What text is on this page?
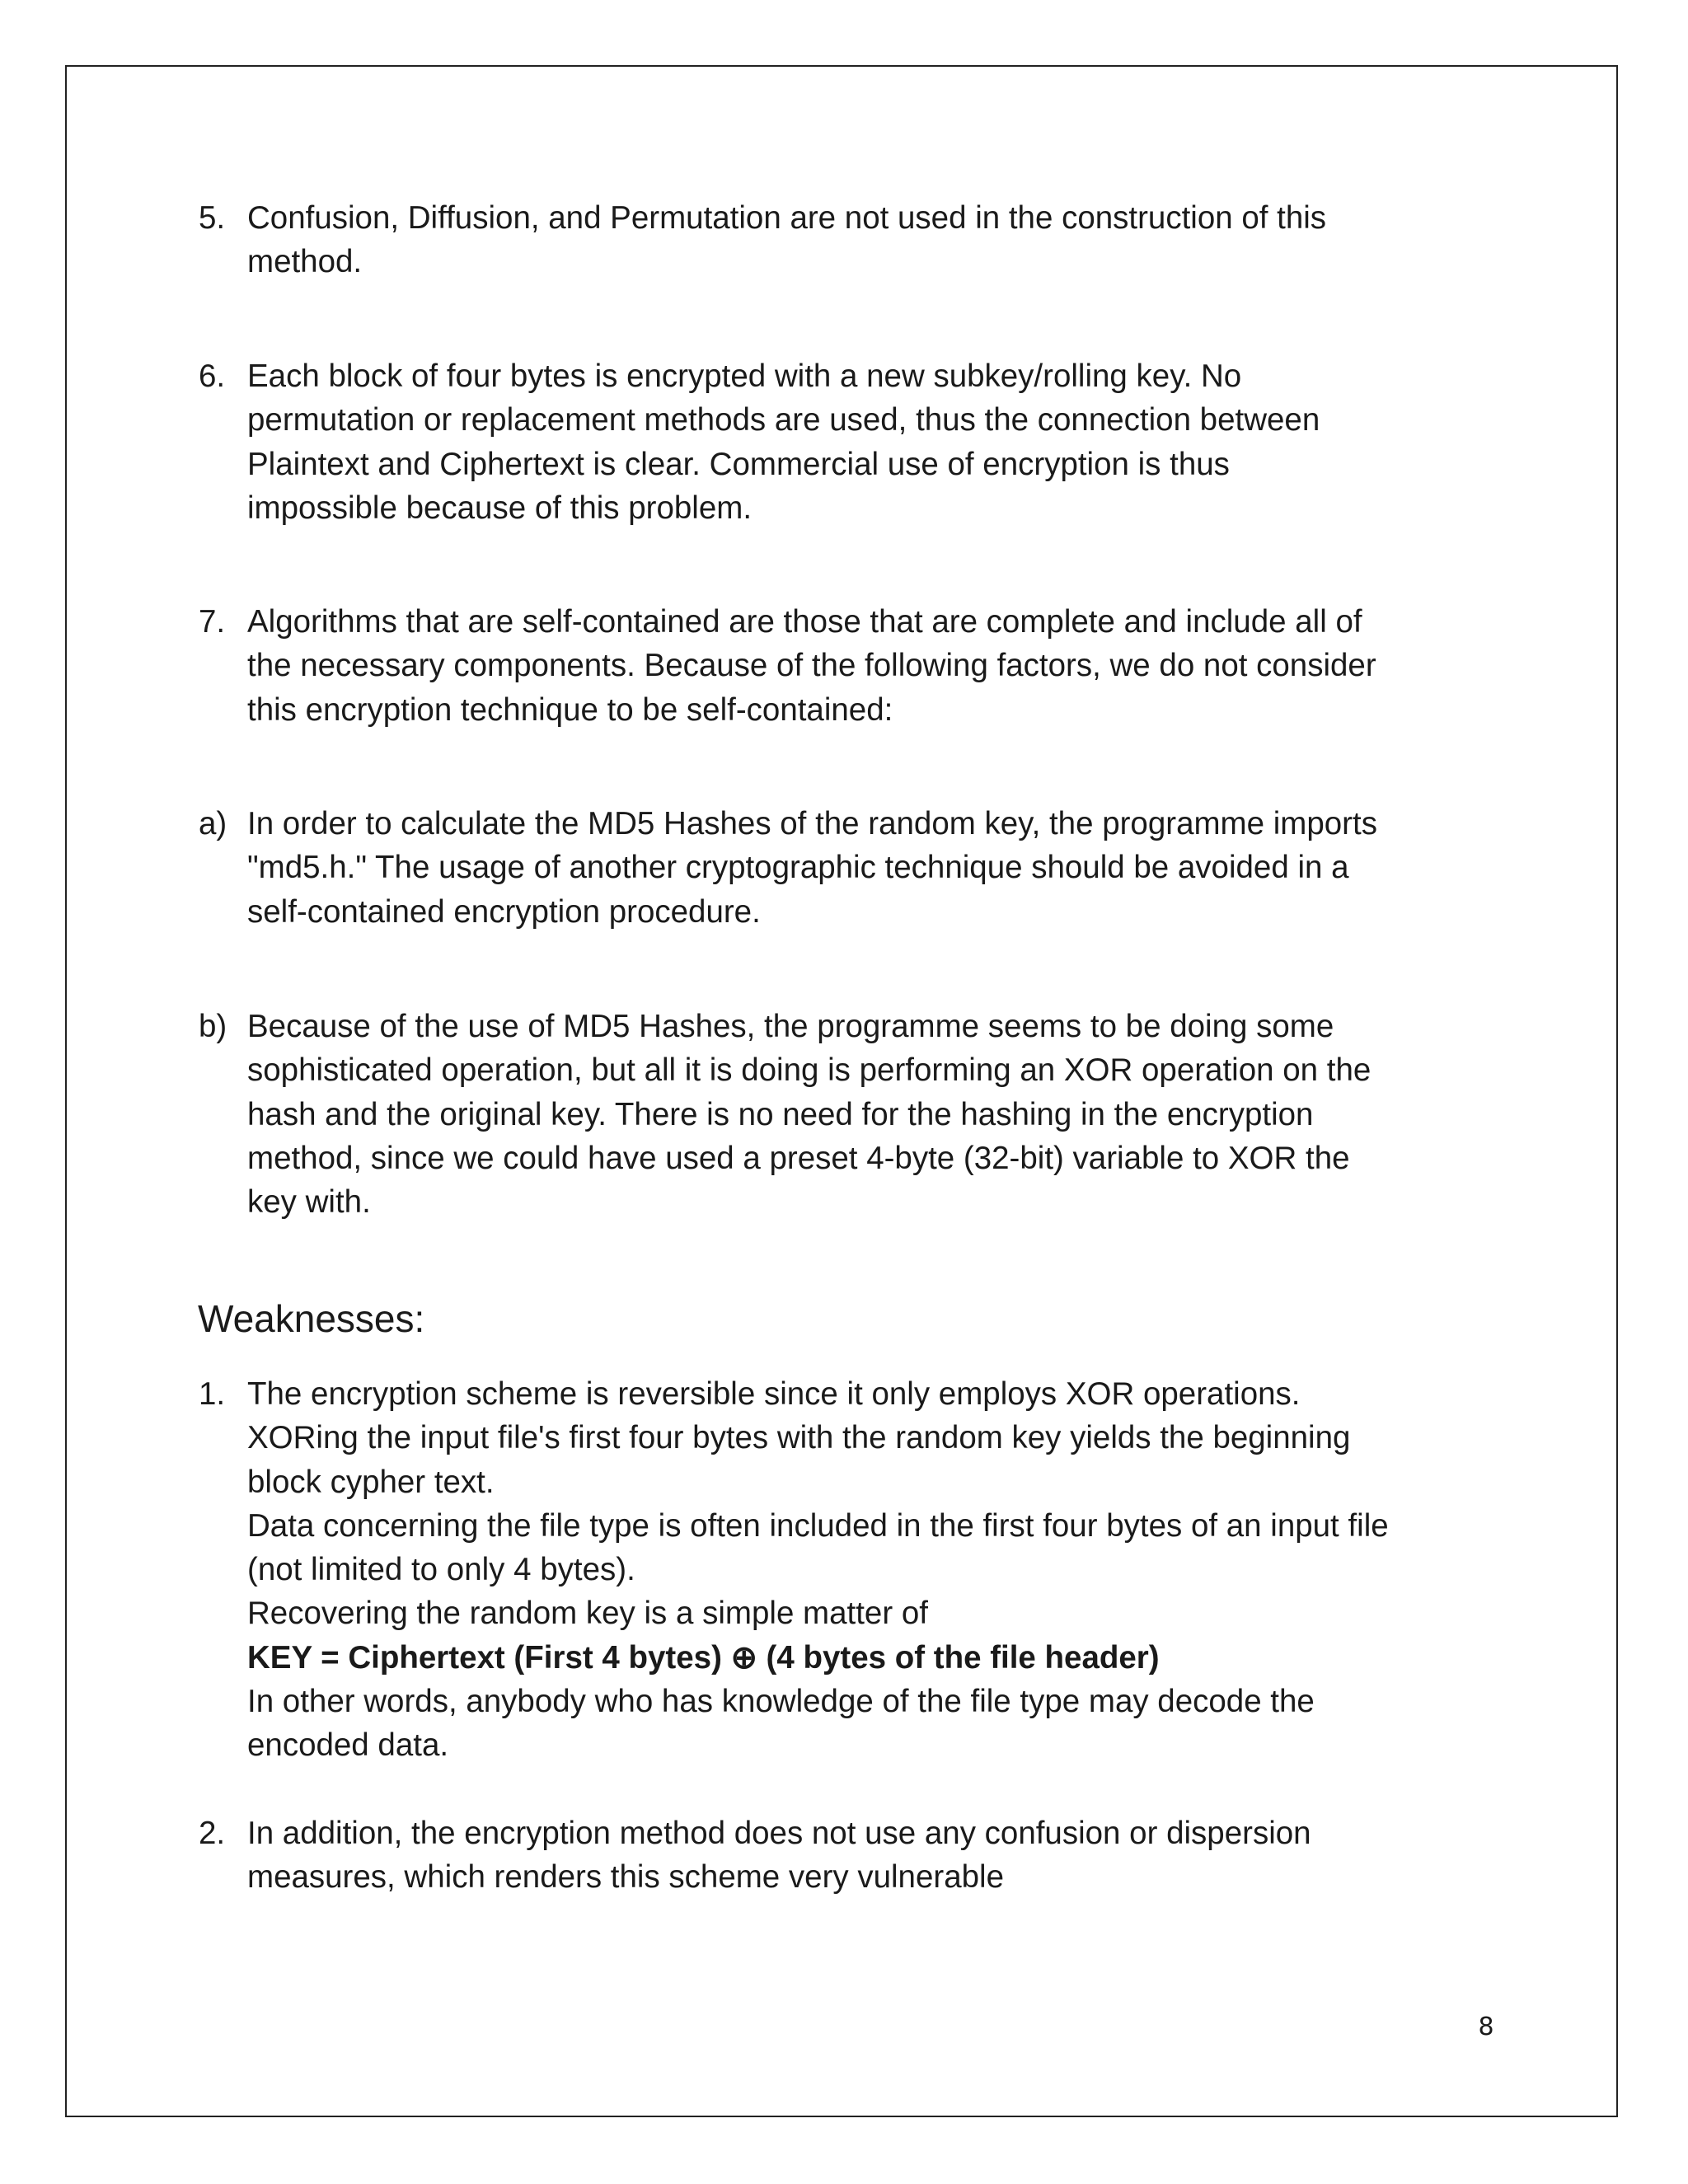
5. Confusion, Diffusion, and Permutation are not used in the construction of this
method.
6. Each block of four bytes is encrypted with a new subkey/rolling key. No
permutation or replacement methods are used, thus the connection between
Plaintext and Ciphertext is clear. Commercial use of encryption is thus
impossible because of this problem.
7. Algorithms that are self-contained are those that are complete and include all of
the necessary components. Because of the following factors, we do not consider
this encryption technique to be self-contained:
a) In order to calculate the MD5 Hashes of the random key, the programme imports
"md5.h." The usage of another cryptographic technique should be avoided in a
self-contained encryption procedure.
b) Because of the use of MD5 Hashes, the programme seems to be doing some
sophisticated operation, but all it is doing is performing an XOR operation on the
hash and the original key. There is no need for the hashing in the encryption
method, since we could have used a preset 4-byte (32-bit) variable to XOR the
key with.
Weaknesses:
1. The encryption scheme is reversible since it only employs XOR operations.
XORing the input file's first four bytes with the random key yields the beginning
block cypher text.
Data concerning the file type is often included in the first four bytes of an input file
(not limited to only 4 bytes).
Recovering the random key is a simple matter of
KEY = Ciphertext (First 4 bytes) ⊕ (4 bytes of the file header)
In other words, anybody who has knowledge of the file type may decode the
encoded data.
2. In addition, the encryption method does not use any confusion or dispersion
measures, which renders this scheme very vulnerable
8
